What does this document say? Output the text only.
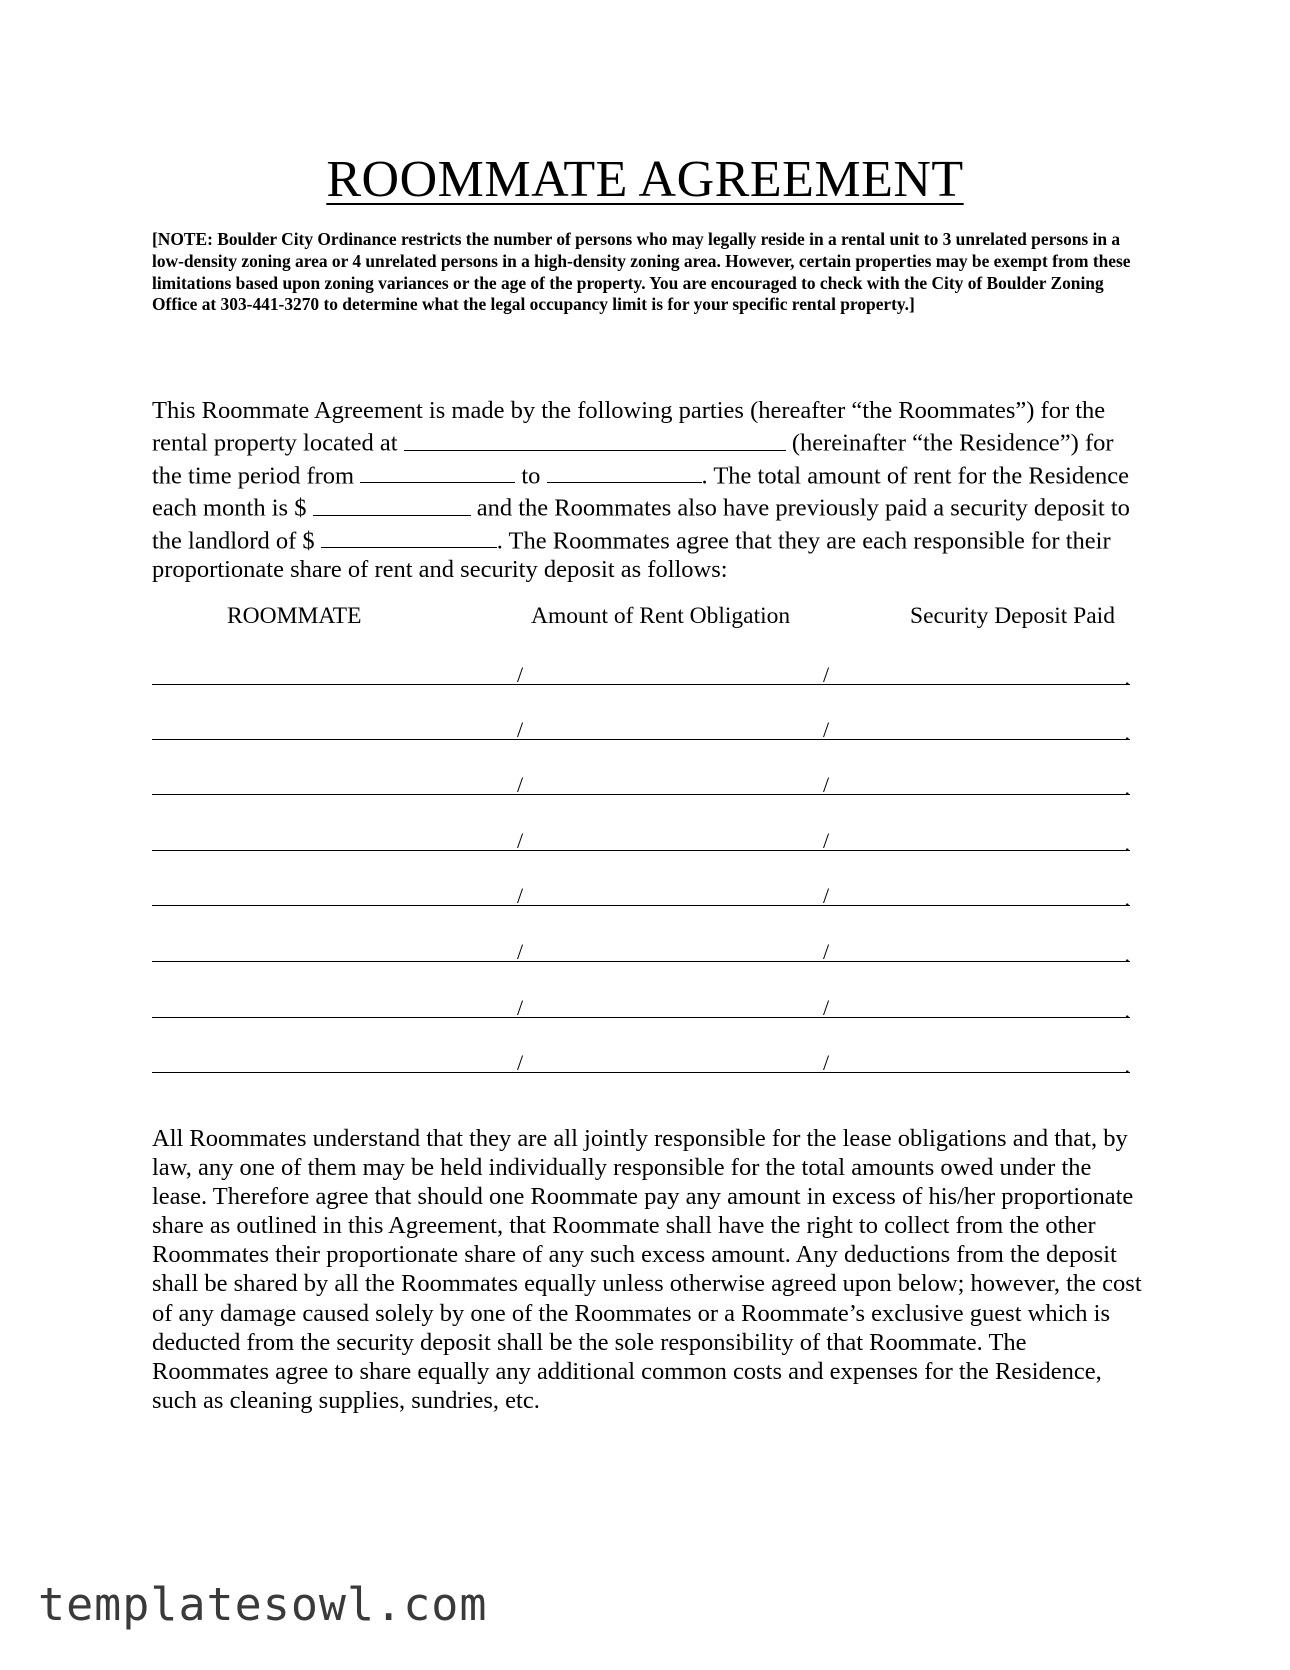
ROOMMATE AGREEMENT
[NOTE: Boulder City Ordinance restricts the number of persons who may legally reside in a rental unit to 3 unrelated persons in a low-density zoning area or 4 unrelated persons in a high-density zoning area. However, certain properties may be exempt from these limitations based upon zoning variances or the age of the property. You are encouraged to check with the City of Boulder Zoning Office at 303-441-3270 to determine what the legal occupancy limit is for your specific rental property.]
This Roommate Agreement is made by the following parties (hereafter “the Roommates”) for the rental property located at	(hereinafter “the Residence”) for the time period from	to	. The total amount of rent for the Residence each month is $	and the Roommates also have previously paid a security deposit to the landlord of $	. The Roommates agree that they are each responsible for their proportionate share of rent and security deposit as follows:
ROOMMATE	Amount of Rent Obligation	Security Deposit Paid
/	/	.
/	/	.
/	/	.
/	/	.
/	/	.
/	/	.
/	/	.
/	/	.
All Roommates understand that they are all jointly responsible for the lease obligations and that, by law, any one of them may be held individually responsible for the total amounts owed under the lease. Therefore agree that should one Roommate pay any amount in excess of his/her proportionate share as outlined in this Agreement, that Roommate shall have the right to collect from the other Roommates their proportionate share of any such excess amount. Any deductions from the deposit shall be shared by all the Roommates equally unless otherwise agreed upon below; however, the cost of any damage caused solely by one of the Roommates or a Roommate’s exclusive guest which is deducted from the security deposit shall be the sole responsibility of that Roommate. The Roommates agree to share equally any additional common costs and expenses for the Residence, such as cleaning supplies, sundries, etc.
templatesowl.com
